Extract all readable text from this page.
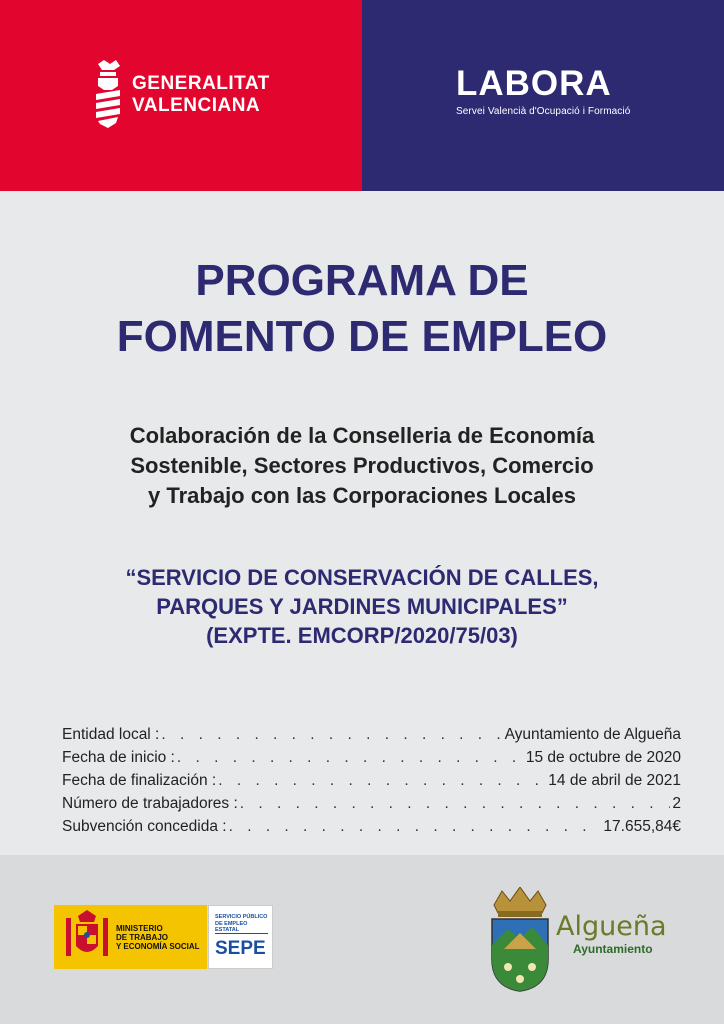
GENERALITAT
VALENCIANA
LABORA
Servei Valencià d'Ocupació i Formació
PROGRAMA DE
FOMENTO DE EMPLEO
Colaboración de la Conselleria de Economía
Sostenible, Sectores Productivos, Comercio
y Trabajo con las Corporaciones Locales
“SERVICIO DE CONSERVACIÓN DE CALLES,
PARQUES Y JARDINES MUNICIPALES”
(EXPTE. EMCORP/2020/75/03)
Entidad local : . . .	Ayuntamiento de Algueña
Fecha de inicio : . . .	15 de octubre de 2020
Fecha de finalización : . . .	14 de abril de 2021
Número de trabajadores : . . .	2
Subvención concedida : . . .	17.655,84€
MINISTERIO
DE TRABAJO
Y ECONOMÍA SOCIAL
SERVICIO PÚBLICO
DE EMPLEO ESTATAL
SEPE
Algueña
Ayuntamiento
